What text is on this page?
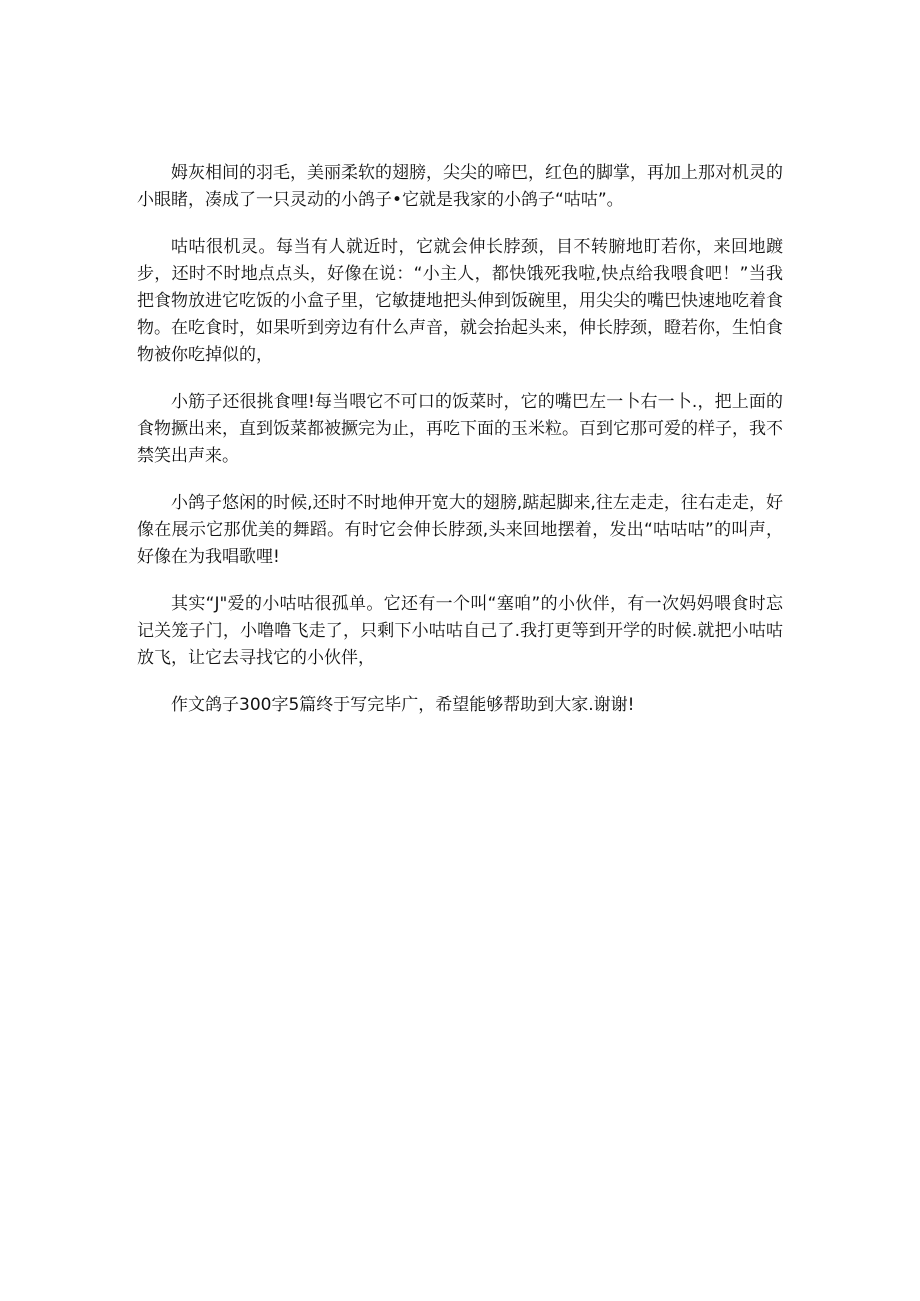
姆灰相间的羽毛，美丽柔软的翅膀，尖尖的啼巴，红色的脚掌，再加上那对机灵的小眼睹，凑成了一只灵动的小鸽子•它就是我家的小鸽子“咕咕”。

咕咕很机灵。每当有人就近时，它就会伸长脖颈，目不转腑地盯若你，来回地踱步，还时不时地点点头，好像在说：“小主人，都快饿死我啦,快点给我喂食吧！”当我把食物放进它吃饭的小盒子里，它敏捷地把头伸到饭碗里，用尖尖的嘴巴快速地吃着食物。在吃食时，如果听到旁边有什么声音，就会抬起头来，伸长脖颈，瞪若你，生怕食物被你吃掉似的，

小筋子还很挑食哩!每当喂它不可口的饭菜时，它的嘴巴左一卜右一卜.，把上面的食物撅出来，直到饭菜都被撅完为止，再吃下面的玉米粒。百到它那可爱的样子，我不禁笑出声来。

小鸽子悠闲的时候,还时不时地伸开宽大的翅膀,踮起脚来,往左走走，往右走走，好像在展示它那优美的舞蹈。有时它会伸长脖颈,头来回地摆着，发出“咕咕咕”的叫声，好像在为我唱歌哩!

其实“J"爱的小咕咕很孤单。它还有一个叫“塞咱”的小伙伴，有一次妈妈喂食时忘记关笼子门，小噜噜飞走了，只剩下小咕咕自己了.我打更等到开学的时候.就把小咕咕放飞，让它去寻找它的小伙伴，

作文鸽子300字5篇终于写完毕广，希望能够帮助到大家.谢谢!
